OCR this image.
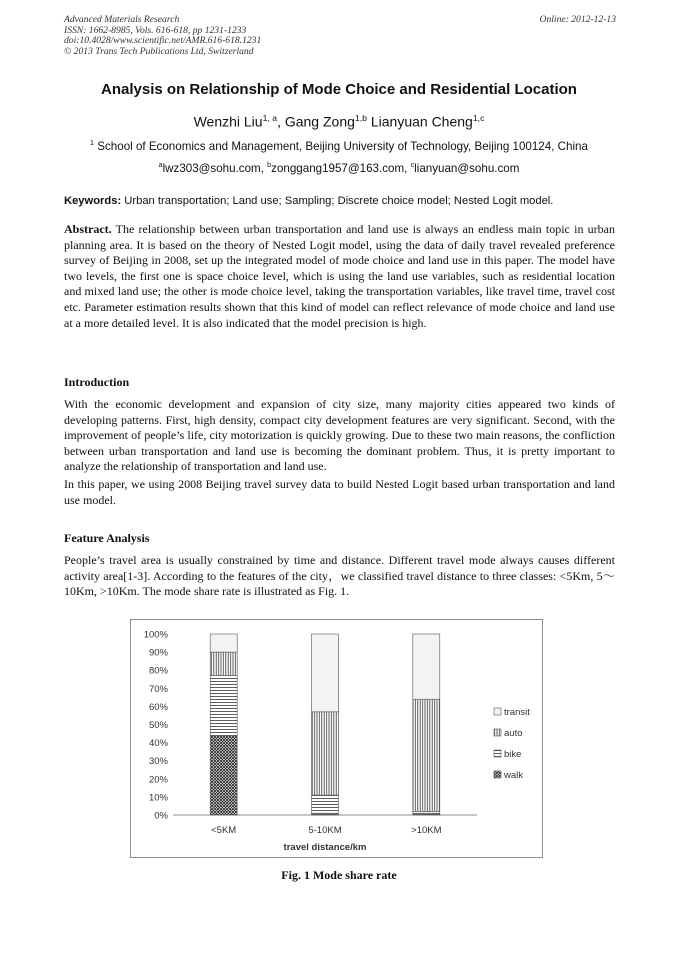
Advanced Materials Research
ISSN: 1662-8985, Vols. 616-618, pp 1231-1233
doi:10.4028/www.scientific.net/AMR.616-618.1231
© 2013 Trans Tech Publications Ltd, Switzerland
Online: 2012-12-13
Analysis on Relationship of Mode Choice and Residential Location
Wenzhi Liu$^{1, a}$, Gang Zong$^{1,b}$ Lianyuan Cheng$^{1,c}$
$^1$ School of Economics and Management, Beijing University of Technology, Beijing 100124, China
$^a$lwz303@sohu.com, $^b$zonggang1957@163.com, $^c$lianyuan@sohu.com
Keywords: Urban transportation; Land use; Sampling; Discrete choice model; Nested Logit model.

Abstract. The relationship between urban transportation and land use is always an endless main topic in urban planning area. It is based on the theory of Nested Logit model, using the data of daily travel revealed preference survey of Beijing in 2008, set up the integrated model of mode choice and land use in this paper. The model have two levels, the first one is space choice level, which is using the land use variables, such as residential location and mixed land use; the other is mode choice level, taking the transportation variables, like travel time, travel cost etc. Parameter estimation results shown that this kind of model can reflect relevance of mode choice and land use at a more detailed level. It is also indicated that the model precision is high.

Introduction

With the economic development and expansion of city size, many majority cities appeared two kinds of developing patterns. First, high density, compact city development features are very significant. Second, with the improvement of people’s life, city motorization is quickly growing. Due to these two main reasons, the confliction between urban transportation and land use is becoming the dominant problem. Thus, it is pretty important to analyze the relationship of transportation and land use.

In this paper, we using 2008 Beijing travel survey data to build Nested Logit based urban transportation and land use model.

Feature Analysis

People’s travel area is usually constrained by time and distance. Different travel mode always causes different activity area[1-3]. According to the features of the city，we classified travel distance to three classes: <5Km, 5～10Km, >10Km. The mode share rate is illustrated as Fig. 1.

0%
10%
20%
30%
40%
50%
60%
70%
80%
90%
100%
<5KM	5-10KM	>10KM
travel distance/km
transit
auto
bike
walk
Fig. 1 Mode share rate
